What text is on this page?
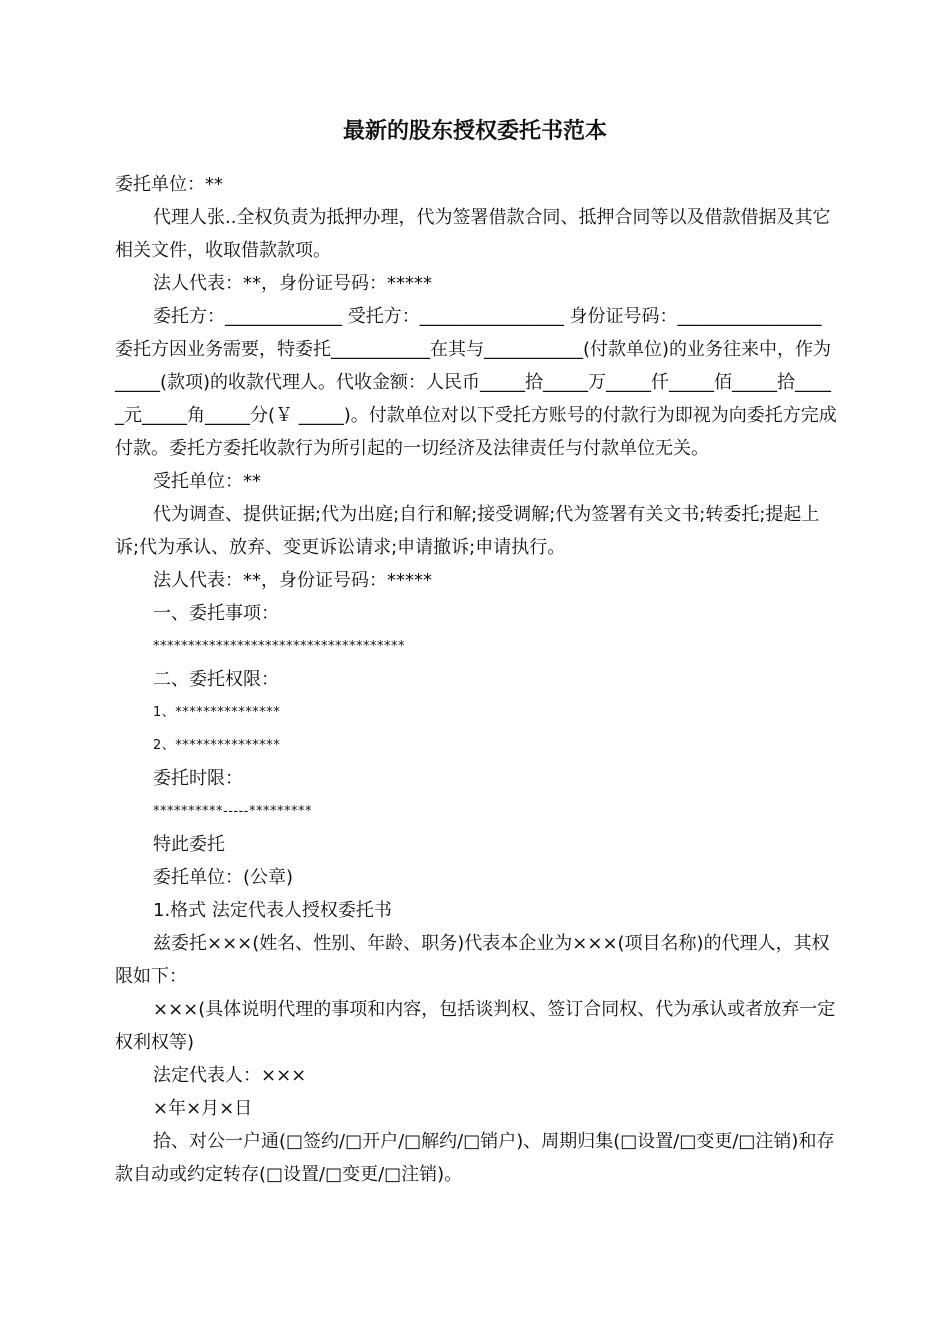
最新的股东授权委托书范本

委托单位：**

代理人张..全权负责为抵押办理，代为签署借款合同、抵押合同等以及借款借据及其它相关文件，收取借款款项。

法人代表：**，身份证号码：*****

委托方：_____________ 受托方：________________ 身份证号码：________________ 委托方因业务需要，特委托___________在其与___________(付款单位)的业务往来中，作为_____(款项)的收款代理人。代收金额：人民币_____拾_____万_____仟_____佰_____拾_____元_____角_____分(￥ _____)。付款单位对以下受托方账号的付款行为即视为向委托方完成付款。委托方委托收款行为所引起的一切经济及法律责任与付款单位无关。

受托单位：**

代为调查、提供证据;代为出庭;自行和解;接受调解;代为签署有关文书;转委托;提起上诉;代为承认、放弃、变更诉讼请求;申请撤诉;申请执行。

法人代表：**，身份证号码：*****

一、委托事项：

************************************

二、委托权限：

1、***************

2、***************

委托时限：

**********-----*********

特此委托

委托单位：(公章)

1.格式 法定代表人授权委托书

兹委托×××(姓名、性别、年龄、职务)代表本企业为×××(项目名称)的代理人，其权限如下：

×××(具体说明代理的事项和内容，包括谈判权、签订合同权、代为承认或者放弃一定权利权等)

法定代表人：×××

×年×月×日

拾、对公一户通(□签约/□开户/□解约/□销户)、周期归集(□设置/□变更/□注销)和存款自动或约定转存(□设置/□变更/□注销)。
